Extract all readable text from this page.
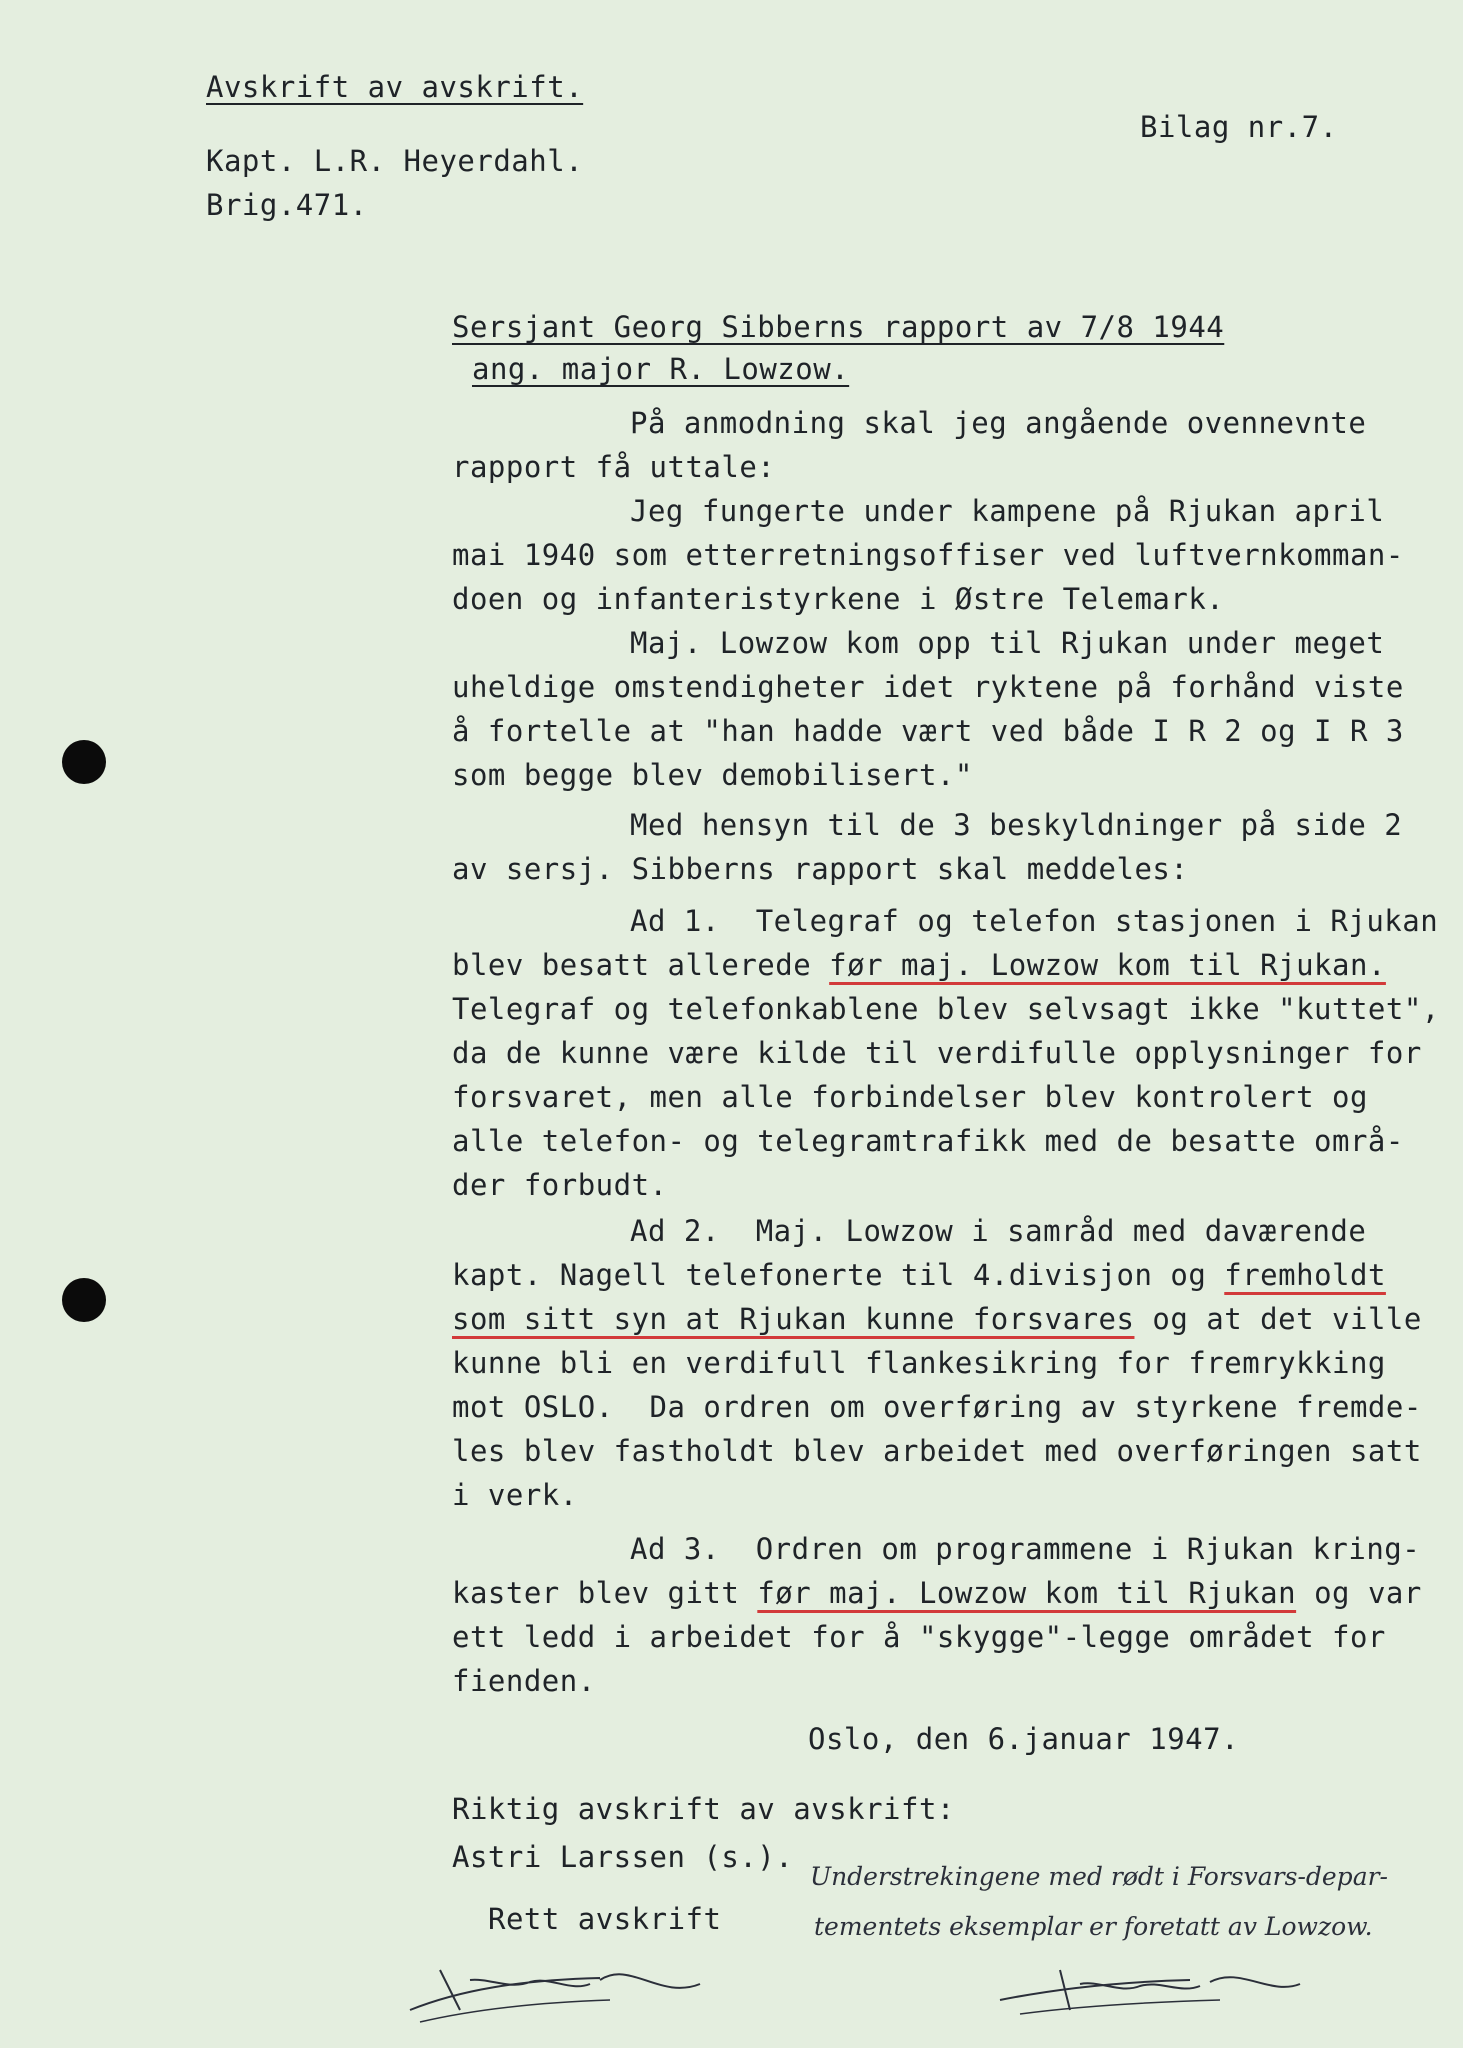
Avskrift av avskrift.
Bilag nr.7.
Kapt. L.R. Heyerdahl.
Brig.471.
Sersjant Georg Sibberns rapport av 7/8 1944
ang. major R. Lowzow.
På anmodning skal jeg angående ovennevnte
rapport få uttale:
Jeg fungerte under kampene på Rjukan april
mai 1940 som etterretningsoffiser ved luftvernkomman-
doen og infanteristyrkene i Østre Telemark.
Maj. Lowzow kom opp til Rjukan under meget
uheldige omstendigheter idet ryktene på forhånd viste
å fortelle at "han hadde vært ved både I R 2 og I R 3
som begge blev demobilisert."
Med hensyn til de 3 beskyldninger på side 2
av sersj. Sibberns rapport skal meddeles:
Ad 1.  Telegraf og telefon stasjonen i Rjukan
blev besatt allerede før maj. Lowzow kom til Rjukan.
Telegraf og telefonkablene blev selvsagt ikke "kuttet",
da de kunne være kilde til verdifulle opplysninger for
forsvaret, men alle forbindelser blev kontrolert og
alle telefon- og telegramtrafikk med de besatte områ-
der forbudt.
Ad 2.  Maj. Lowzow i samråd med daværende
kapt. Nagell telefonerte til 4.divisjon og fremholdt
som sitt syn at Rjukan kunne forsvares og at det ville
kunne bli en verdifull flankesikring for fremrykking
mot OSLO.  Da ordren om overføring av styrkene fremde-
les blev fastholdt blev arbeidet med overføringen satt
i verk.
Ad 3.  Ordren om programmene i Rjukan kring-
kaster blev gitt før maj. Lowzow kom til Rjukan og var
ett ledd i arbeidet for å "skygge"-legge området for
fienden.
Oslo, den 6.januar 1947.
Riktig avskrift av avskrift:
Astri Larssen (s.).
Rett avskrift
Understrekingene med rødt i Forsvars-depar-
tementets eksemplar er foretatt av Lowzow.
